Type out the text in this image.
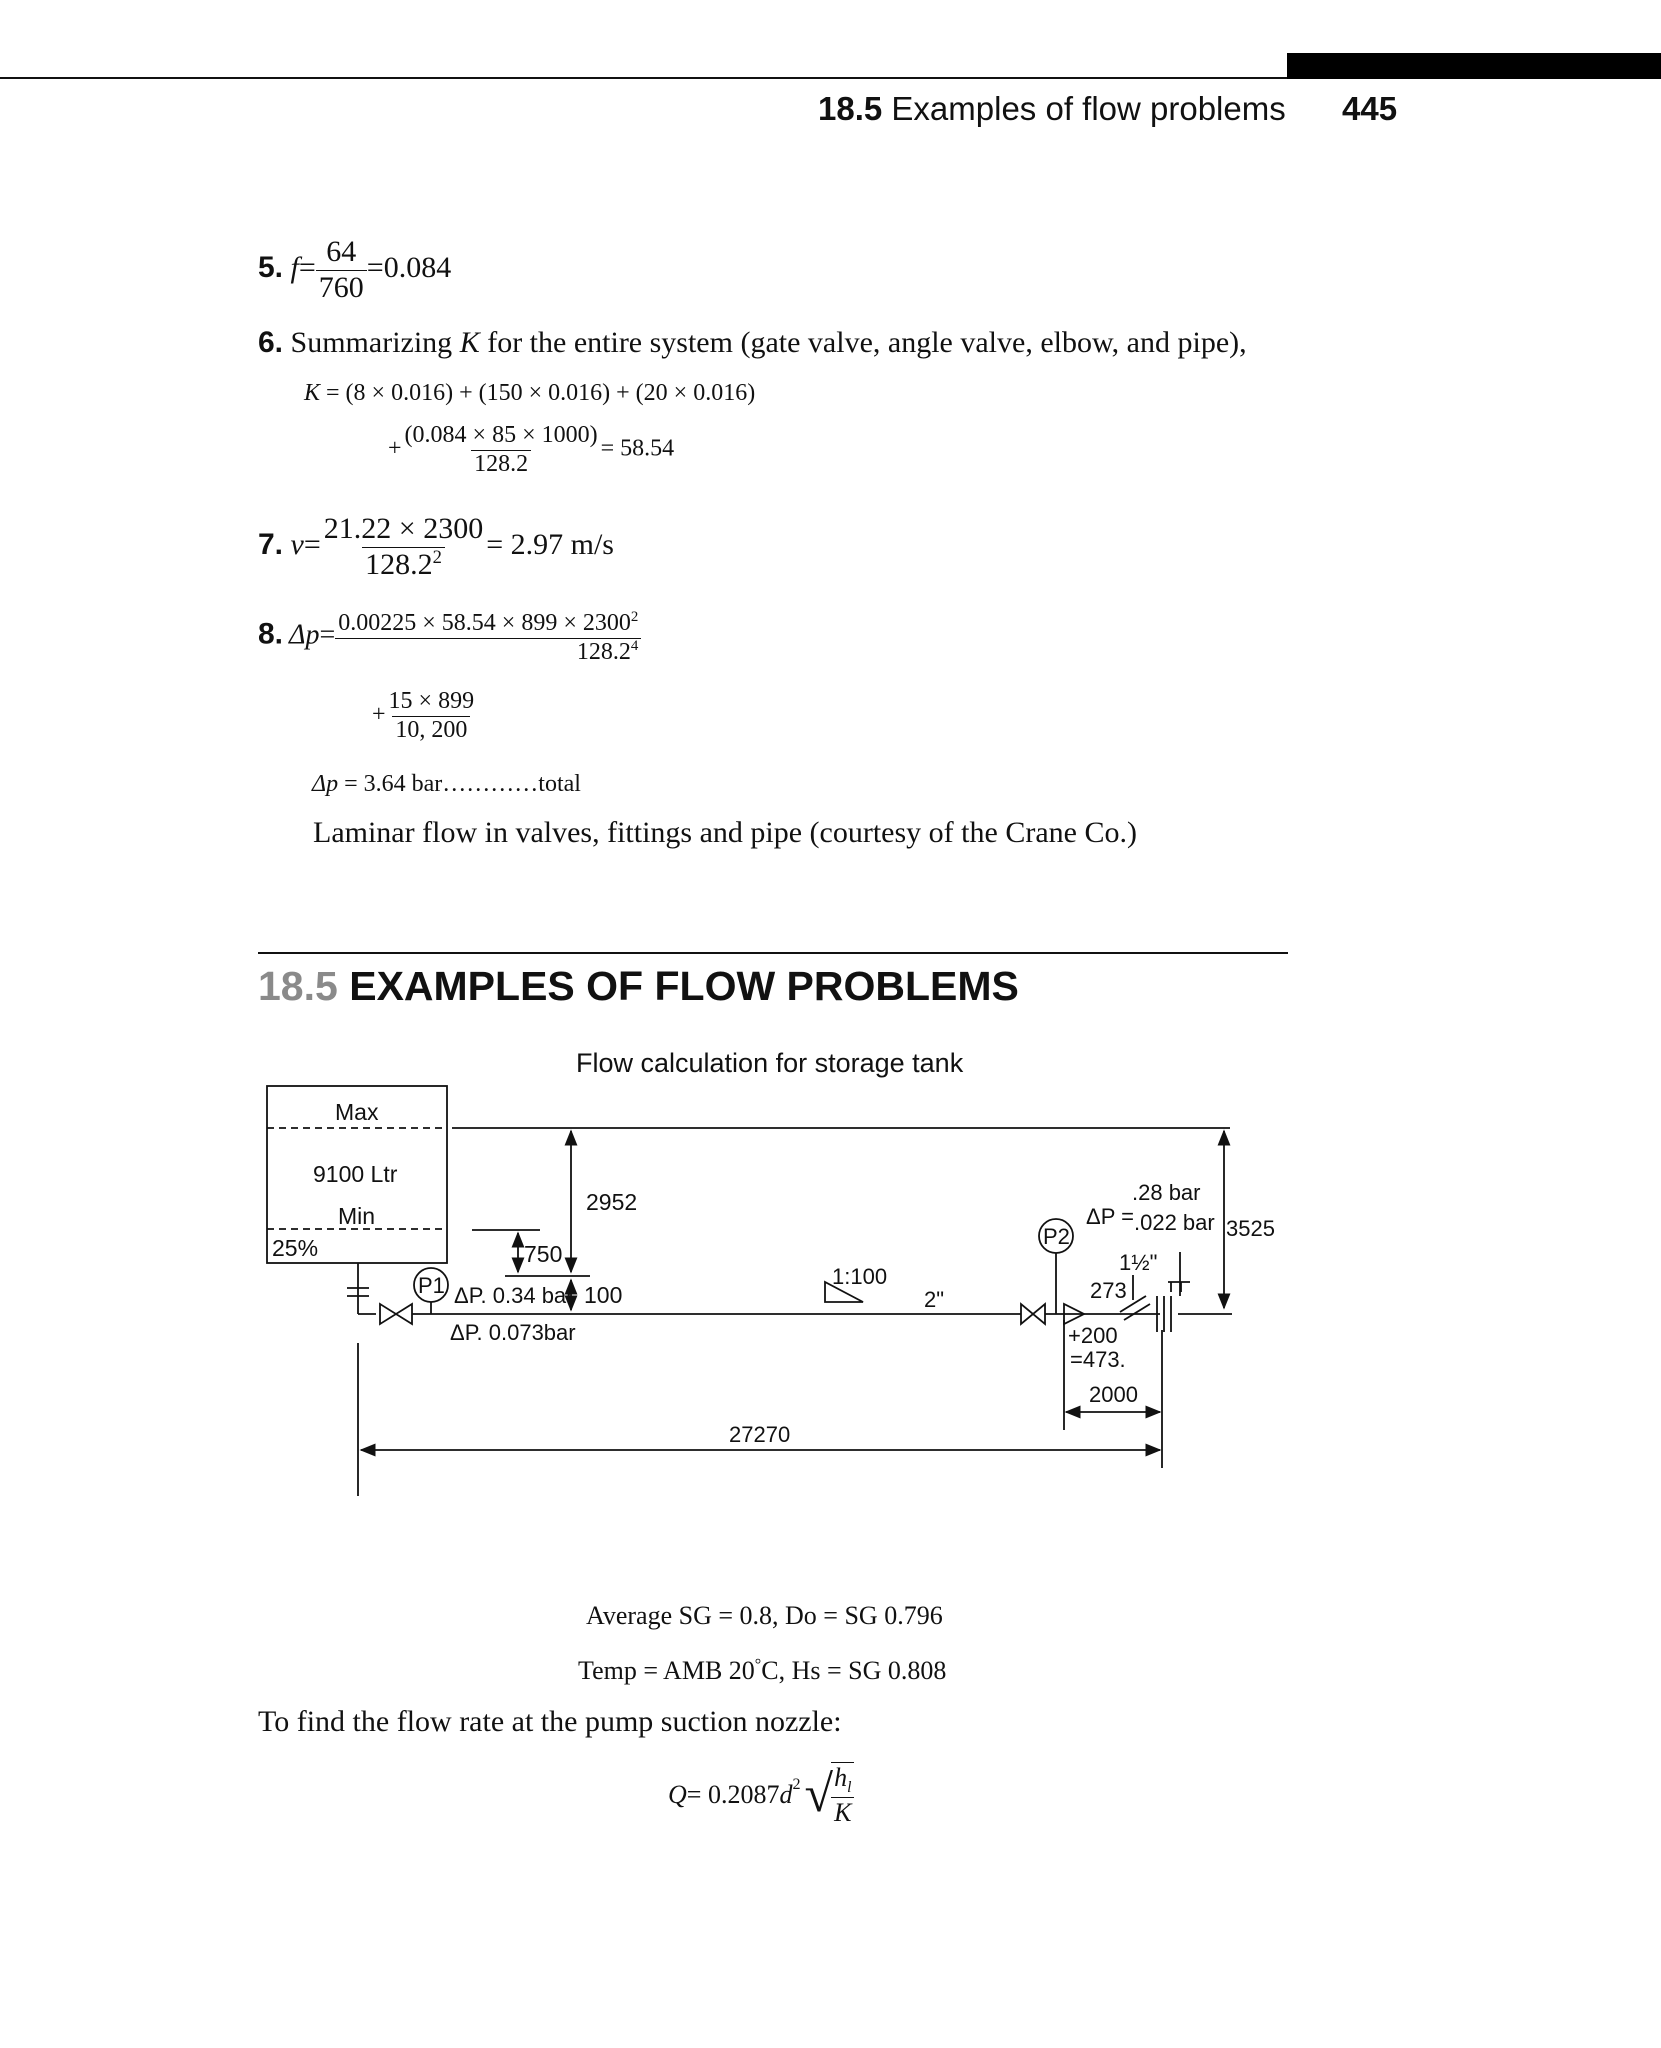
18.5 Examples of flow problems 445
5. $f= \frac{64}{760} =0.084$
6. Summarizing K for the entire system (gate valve, angle valve, elbow, and pipe),
K = (8 × 0.016) + (150 × 0.016) + (20 × 0.016)
+ $\frac{(0.084 \times 85 \times 1000)}{128.2} = 58.54$
7. $v= \frac{21.22 \times 2300}{128.2^2} = 2.97$ m/s
8. $\Delta p= \frac{0.00225 \times 58.54 \times 899 \times 2300^2}{128.2^4}$
+ $\frac{15 \times 899}{10, 200}$
Δp = 3.64 bar…………total
Laminar flow in valves, fittings and pipe (courtesy of the Crane Co.)
18.5 EXAMPLES OF FLOW PROBLEMS
Flow calculation for storage tank
Max
9100 Ltr
Min
25%
2952
750
100
P1 ΔP. 0.34 bar
ΔP. 0.073bar
1:100
2"
P2
.28 bar
ΔP = .022 bar 3525
1½"
273
+200
=473.
2000
27270
Average SG = 0.8, Do = SG 0.796
Temp = AMB 20°C, Hs = SG 0.808
To find the flow rate at the pump suction nozzle:
Q = 0.2087 $d^2$ √
$\frac{h_l}{K}$
